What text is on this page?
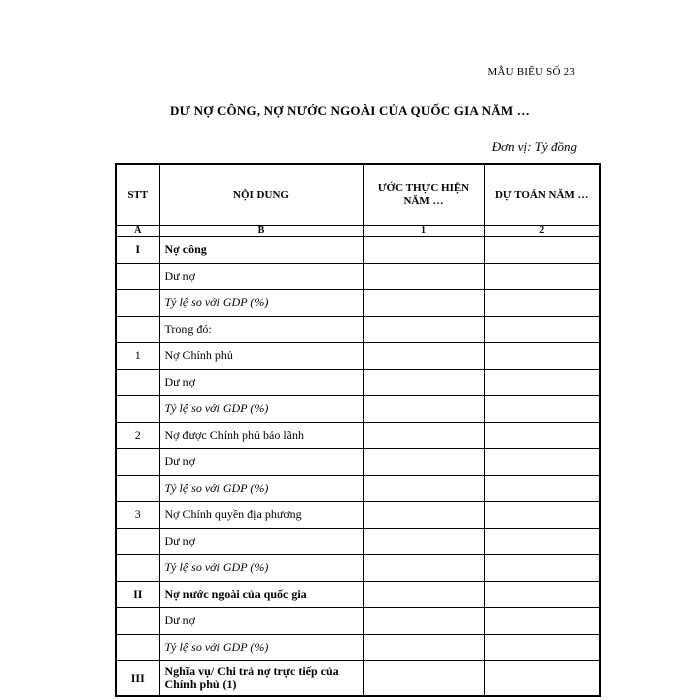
MẪU BIỂU SỐ 23
DƯ NỢ CÔNG, NỢ NƯỚC NGOÀI CỦA QUỐC GIA NĂM …
Đơn vị: Tỷ đồng
STT	NỘI DUNG	ƯỚC THỰC HIỆN NĂM …	DỰ TOÁN NĂM …
A	B	1	2
I	Nợ công		
	Dư nợ		
	Tỷ lệ so với GDP (%)		
	Trong đó:		
1	Nợ Chính phủ		
	Dư nợ		
	Tỷ lệ so với GDP (%)		
2	Nợ được Chính phủ bảo lãnh		
	Dư nợ		
	Tỷ lệ so với GDP (%)		
3	Nợ Chính quyền địa phương		
	Dư nợ		
	Tỷ lệ so với GDP (%)		
II	Nợ nước ngoài của quốc gia		
	Dư nợ		
	Tỷ lệ so với GDP (%)		
III	Nghĩa vụ/ Chi trả nợ trực tiếp của Chính phủ (1)		
